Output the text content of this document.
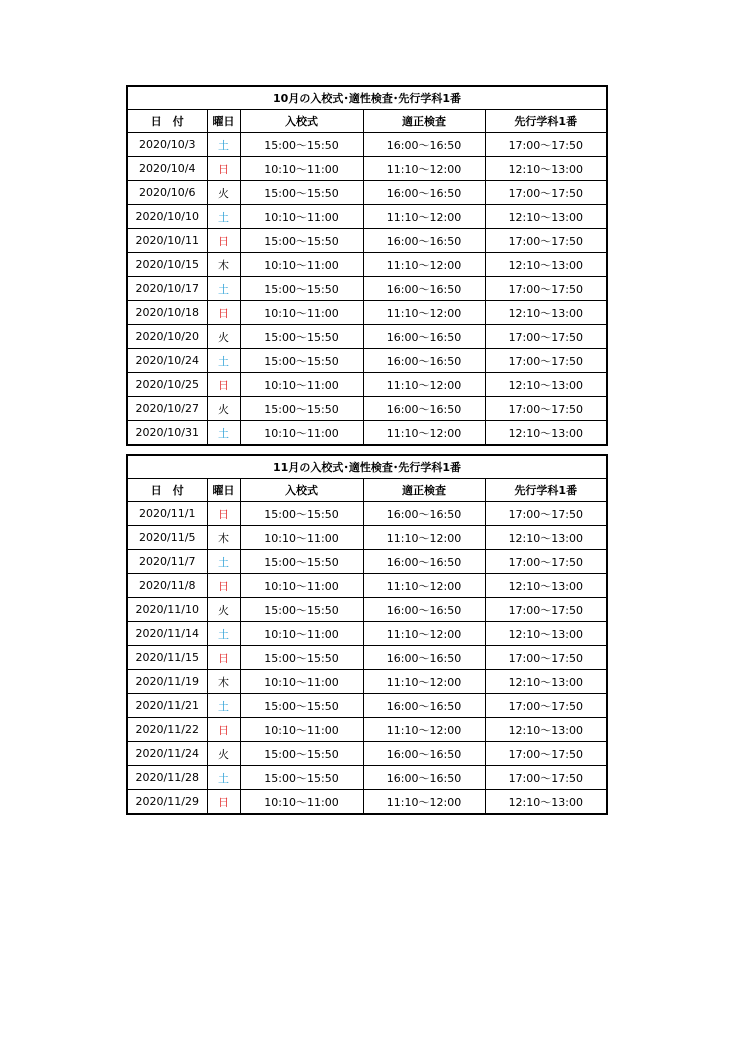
10月の入校式･適性検査･先行学科1番				
日　付	曜日	入校式	適正検査	先行学科1番
2020/10/3	土	15:00〜15:50	16:00〜16:50	17:00〜17:50
2020/10/4	日	10:10〜11:00	11:10〜12:00	12:10〜13:00
2020/10/6	火	15:00〜15:50	16:00〜16:50	17:00〜17:50
2020/10/10	土	10:10〜11:00	11:10〜12:00	12:10〜13:00
2020/10/11	日	15:00〜15:50	16:00〜16:50	17:00〜17:50
2020/10/15	木	10:10〜11:00	11:10〜12:00	12:10〜13:00
2020/10/17	土	15:00〜15:50	16:00〜16:50	17:00〜17:50
2020/10/18	日	10:10〜11:00	11:10〜12:00	12:10〜13:00
2020/10/20	火	15:00〜15:50	16:00〜16:50	17:00〜17:50
2020/10/24	土	15:00〜15:50	16:00〜16:50	17:00〜17:50
2020/10/25	日	10:10〜11:00	11:10〜12:00	12:10〜13:00
2020/10/27	火	15:00〜15:50	16:00〜16:50	17:00〜17:50
2020/10/31	土	10:10〜11:00	11:10〜12:00	12:10〜13:00
11月の入校式･適性検査･先行学科1番				
日　付	曜日	入校式	適正検査	先行学科1番
2020/11/1	日	15:00〜15:50	16:00〜16:50	17:00〜17:50
2020/11/5	木	10:10〜11:00	11:10〜12:00	12:10〜13:00
2020/11/7	土	15:00〜15:50	16:00〜16:50	17:00〜17:50
2020/11/8	日	10:10〜11:00	11:10〜12:00	12:10〜13:00
2020/11/10	火	15:00〜15:50	16:00〜16:50	17:00〜17:50
2020/11/14	土	10:10〜11:00	11:10〜12:00	12:10〜13:00
2020/11/15	日	15:00〜15:50	16:00〜16:50	17:00〜17:50
2020/11/19	木	10:10〜11:00	11:10〜12:00	12:10〜13:00
2020/11/21	土	15:00〜15:50	16:00〜16:50	17:00〜17:50
2020/11/22	日	10:10〜11:00	11:10〜12:00	12:10〜13:00
2020/11/24	火	15:00〜15:50	16:00〜16:50	17:00〜17:50
2020/11/28	土	15:00〜15:50	16:00〜16:50	17:00〜17:50
2020/11/29	日	10:10〜11:00	11:10〜12:00	12:10〜13:00
